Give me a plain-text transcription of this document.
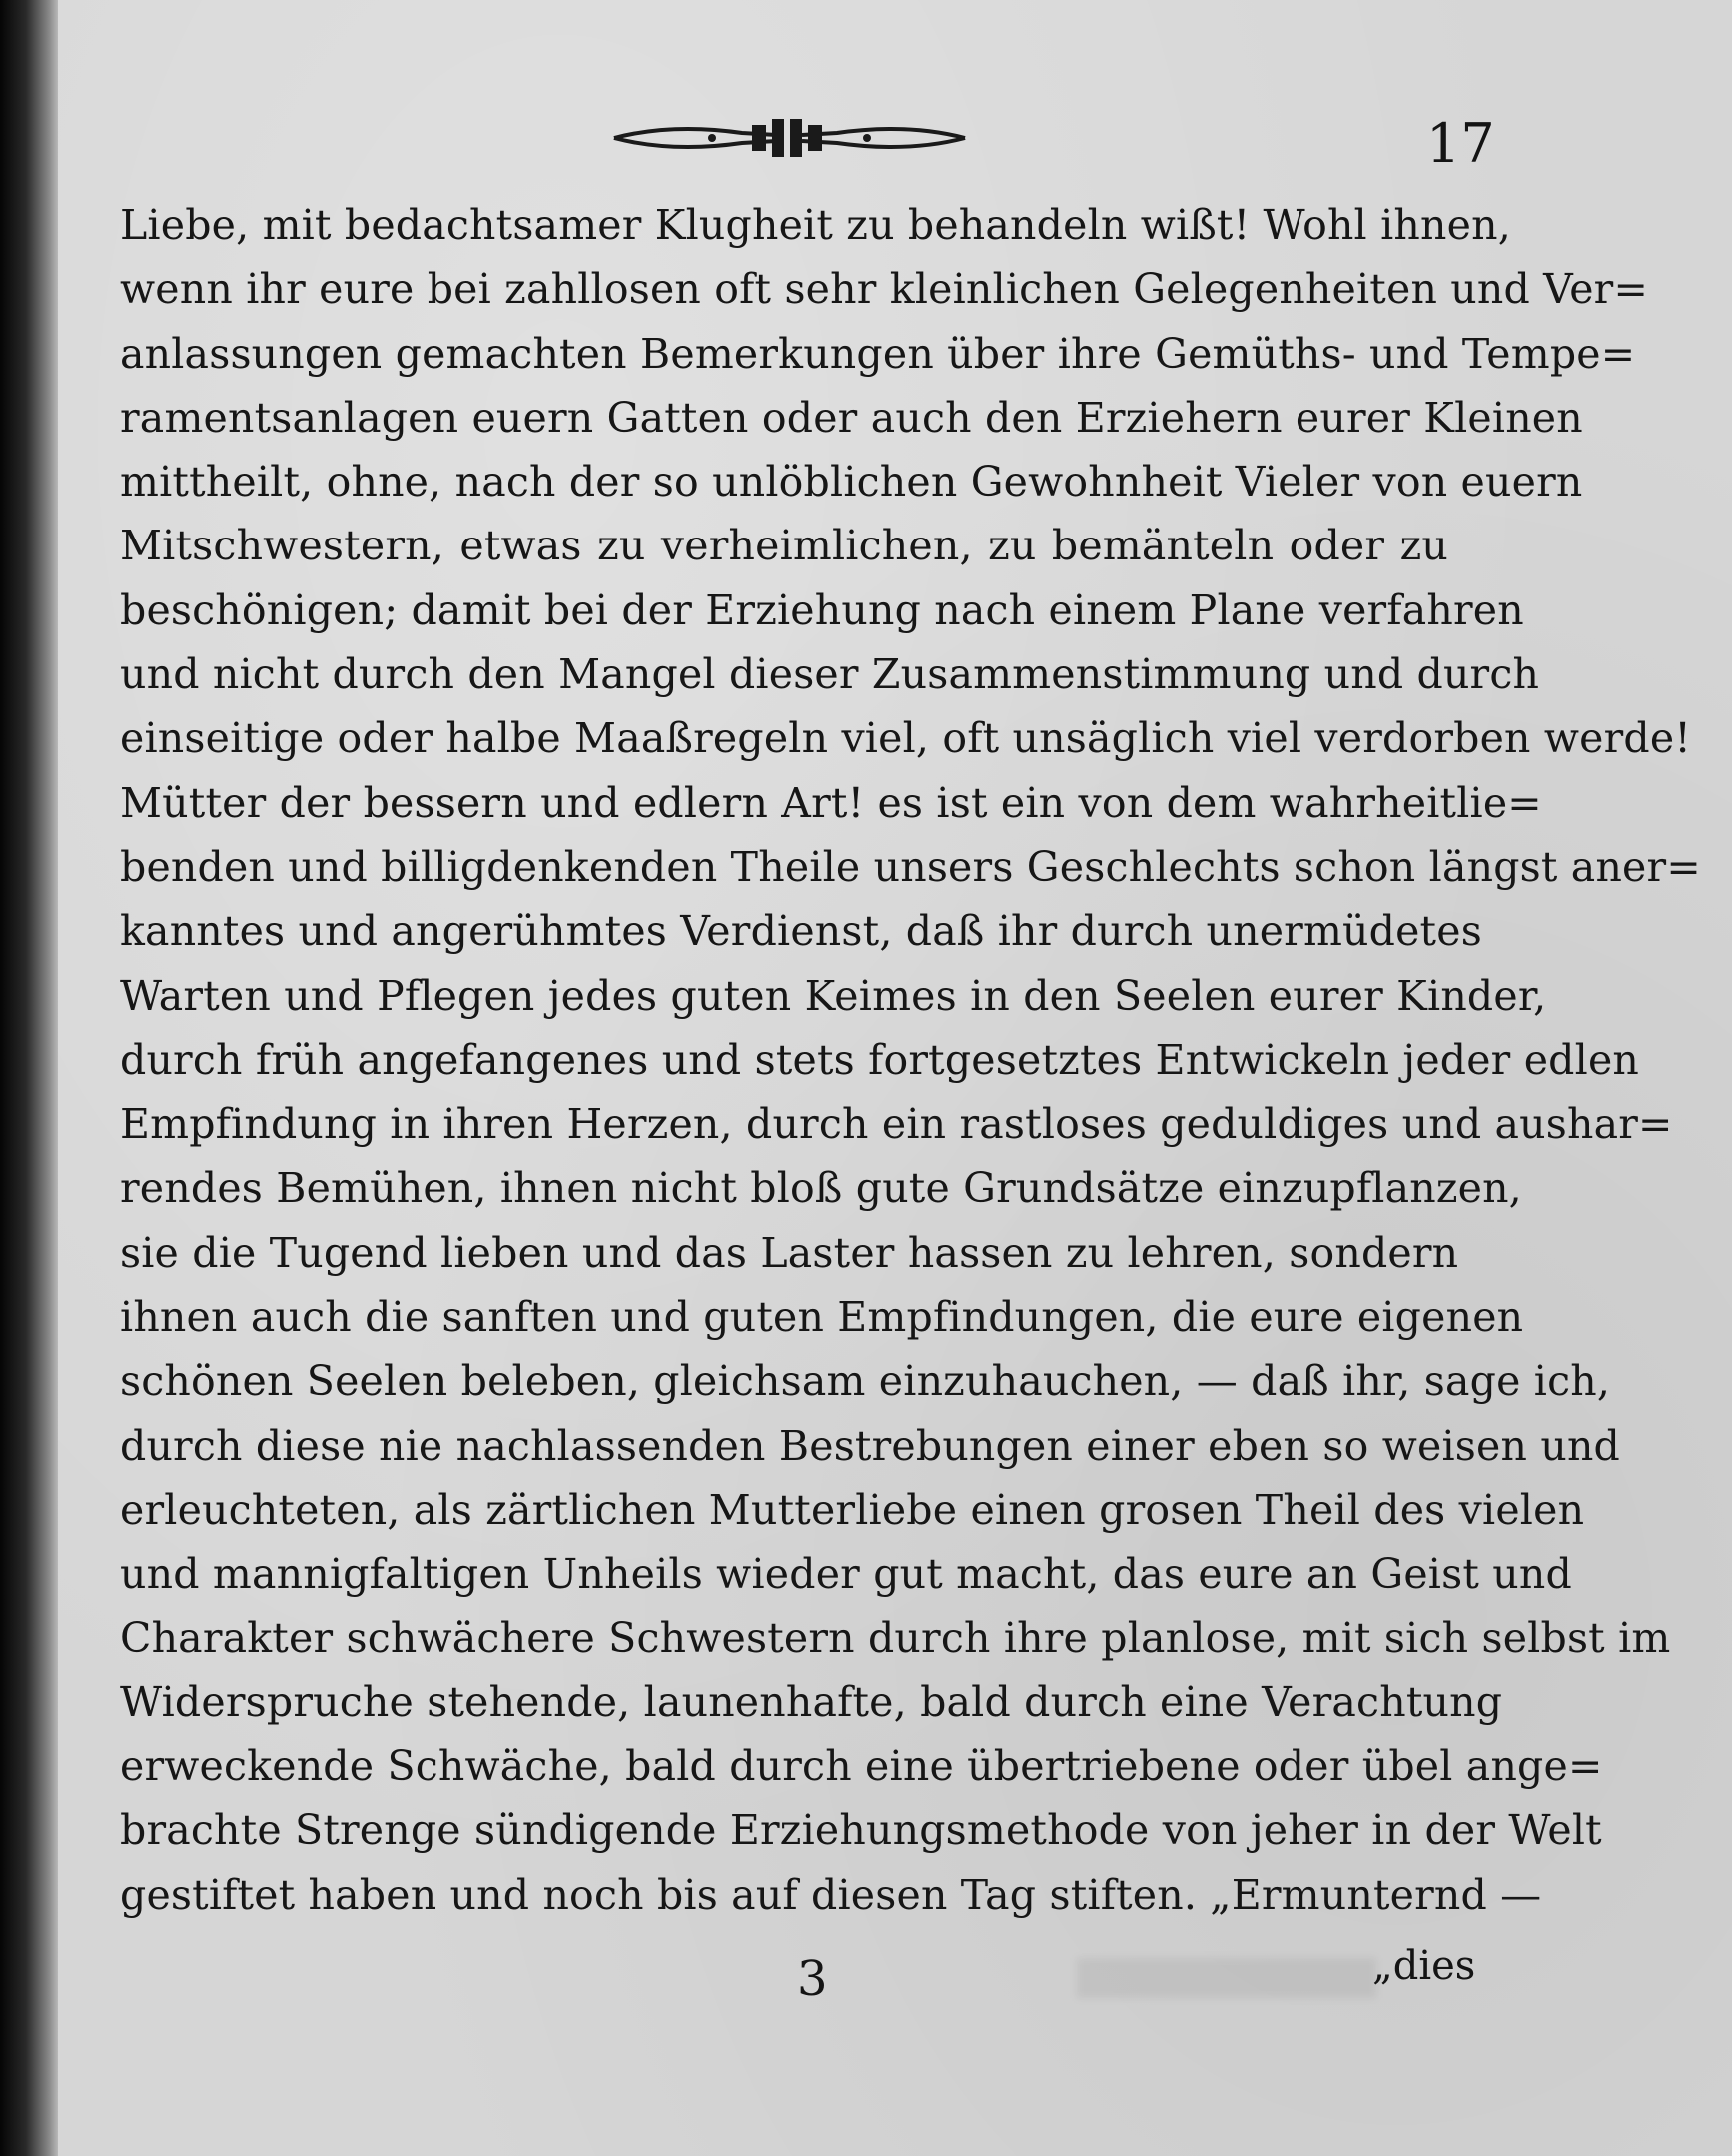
17
Liebe, mit bedachtsamer Klugheit zu behandeln wißt! Wohl ihnen,
wenn ihr eure bei zahllosen oft sehr kleinlichen Gelegenheiten und Ver=
anlassungen gemachten Bemerkungen über ihre Gemüths- und Tempe=
ramentsanlagen euern Gatten oder auch den Erziehern eurer Kleinen
mittheilt, ohne, nach der so unlöblichen Gewohnheit Vieler von euern
Mitschwestern, etwas zu verheimlichen, zu bemänteln oder zu
beschönigen; damit bei der Erziehung nach einem Plane verfahren
und nicht durch den Mangel dieser Zusammenstimmung und durch
einseitige oder halbe Maaßregeln viel, oft unsäglich viel verdorben werde!
Mütter der bessern und edlern Art! es ist ein von dem wahrheitlie=
benden und billigdenkenden Theile unsers Geschlechts schon längst aner=
kanntes und angerühmtes Verdienst, daß ihr durch unermüdetes
Warten und Pflegen jedes guten Keimes in den Seelen eurer Kinder,
durch früh angefangenes und stets fortgesetztes Entwickeln jeder edlen
Empfindung in ihren Herzen, durch ein rastloses geduldiges und aushar=
rendes Bemühen, ihnen nicht bloß gute Grundsätze einzupflanzen,
sie die Tugend lieben und das Laster hassen zu lehren, sondern
ihnen auch die sanften und guten Empfindungen, die eure eigenen
schönen Seelen beleben, gleichsam einzuhauchen, — daß ihr, sage ich,
durch diese nie nachlassenden Bestrebungen einer eben so weisen und
erleuchteten, als zärtlichen Mutterliebe einen grosen Theil des vielen
und mannigfaltigen Unheils wieder gut macht, das eure an Geist und
Charakter schwächere Schwestern durch ihre planlose, mit sich selbst im
Widerspruche stehende, launenhafte, bald durch eine Verachtung
erweckende Schwäche, bald durch eine übertriebene oder übel ange=
brachte Strenge sündigende Erziehungsmethode von jeher in der Welt
gestiftet haben und noch bis auf diesen Tag stiften. „Ermunternd —
3	„dies
